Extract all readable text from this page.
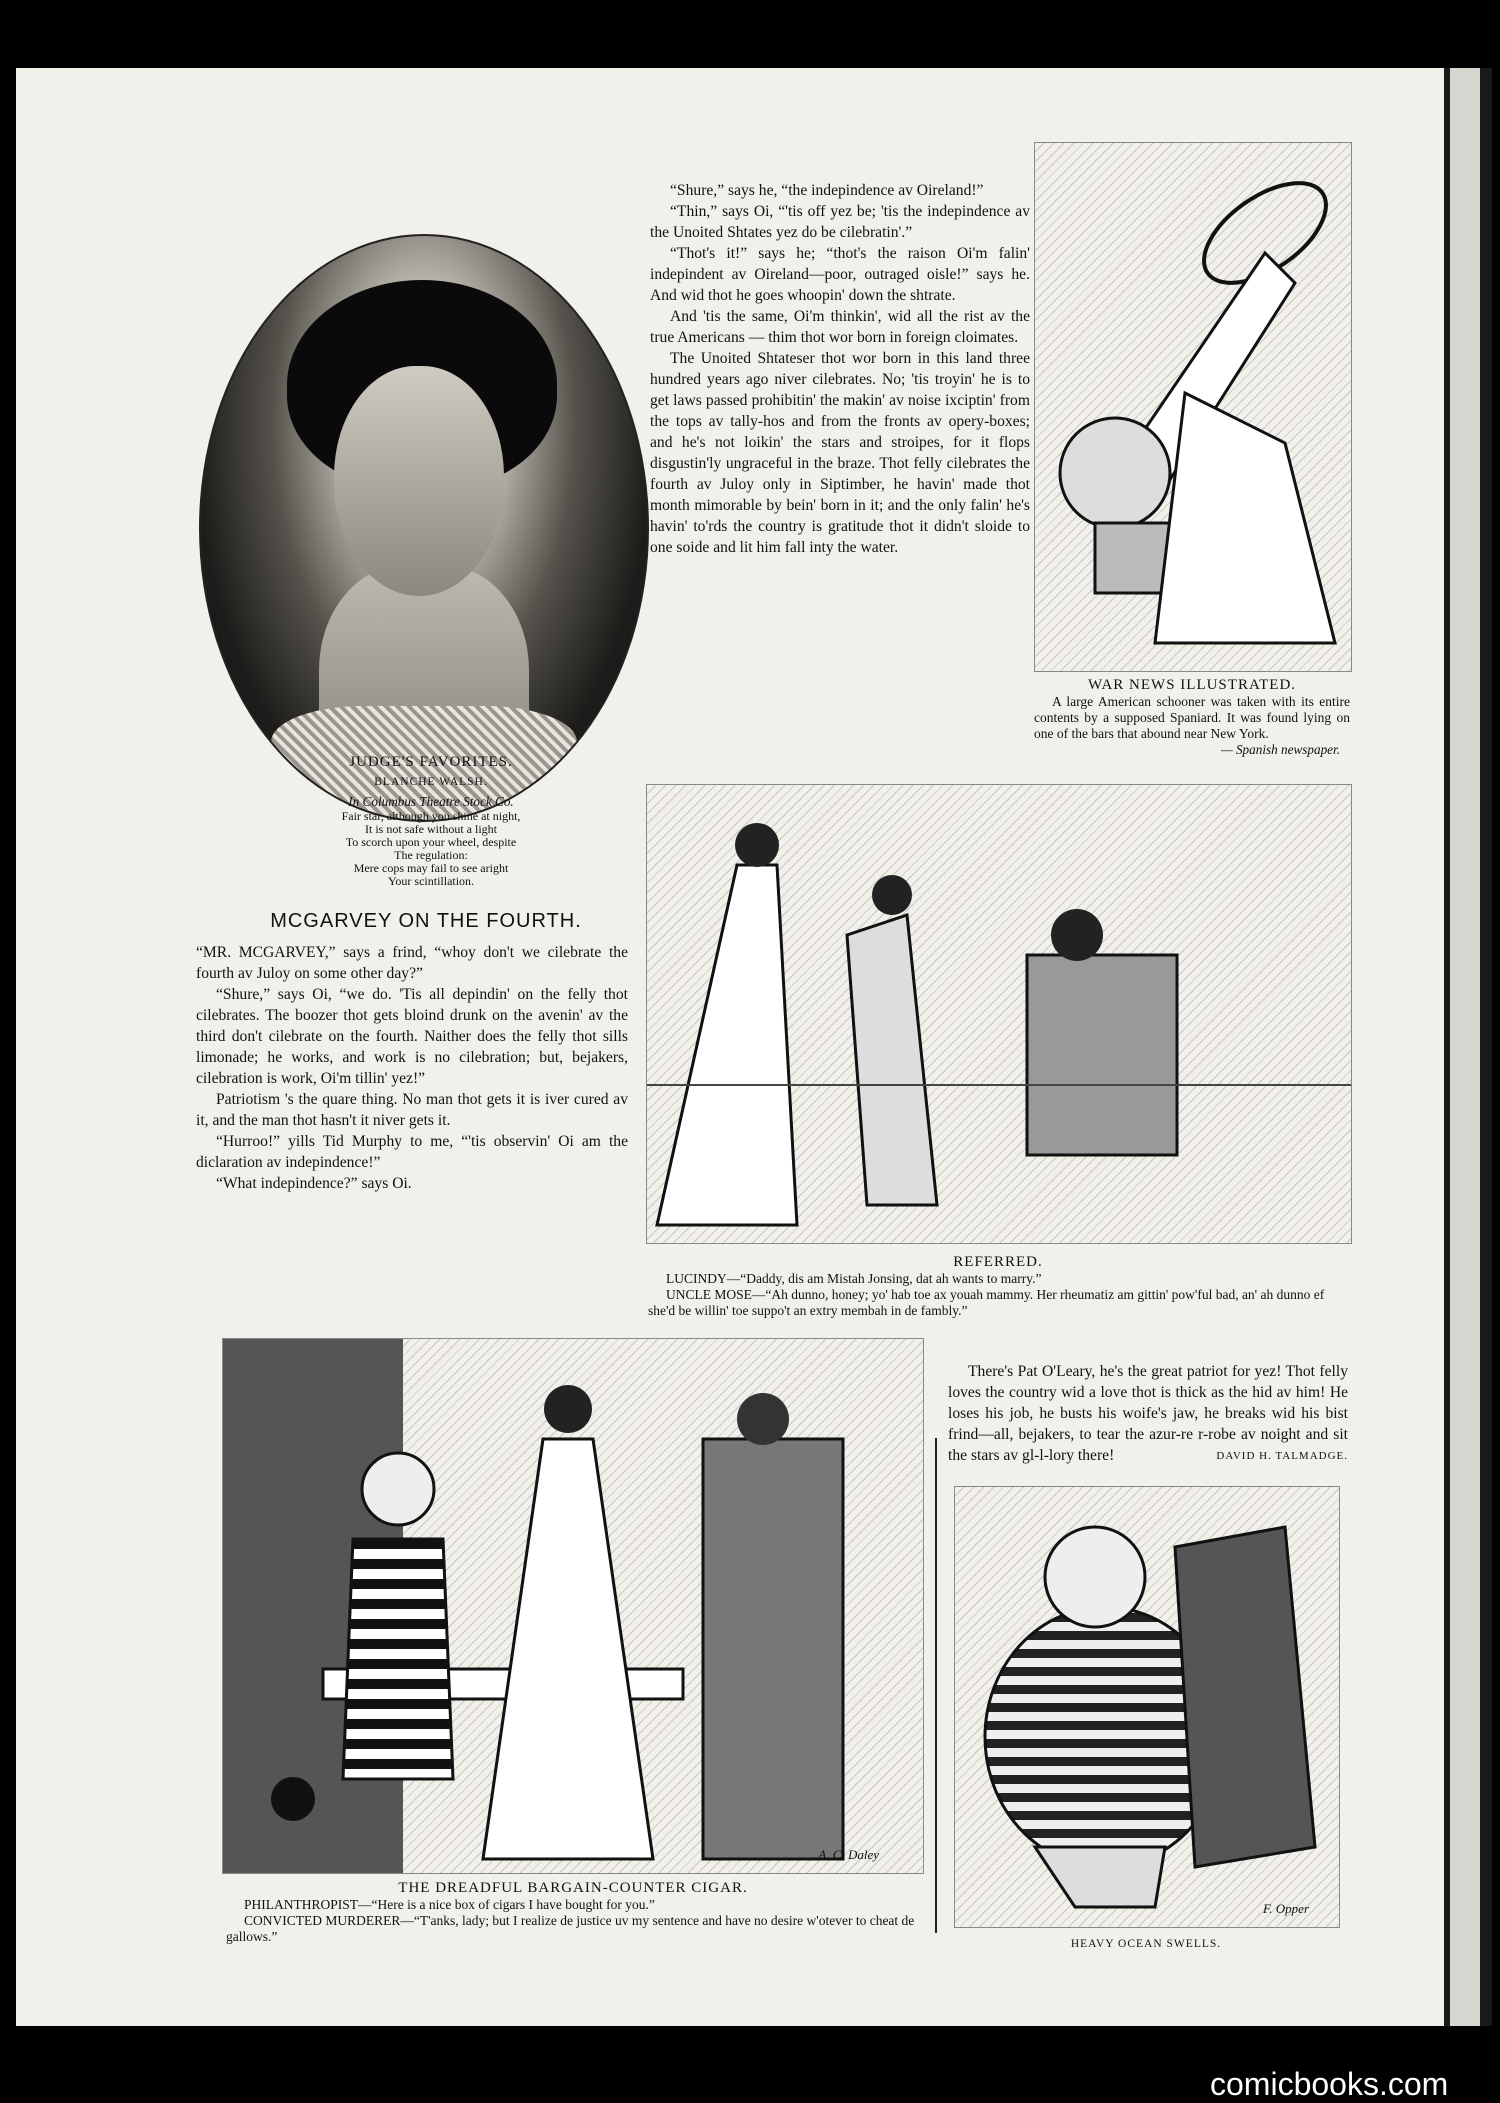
JUDGE'S FAVORITES.
BLANCHE WALSH.
In Columbus Theatre Stock Co.
Fair star, although you shine at night,
It is not safe without a light
To scorch upon your wheel, despite
The regulation:
Mere cops may fail to see aright
Your scintillation.

“Shure,” says he, “the indepindence av Oireland!”

“Thin,” says Oi, “'tis off yez be; 'tis the indepindence av the Unoited Shtates yez do be cilebratin'.”

“Thot's it!” says he; “thot's the raison Oi'm falin' indepindent av Oireland—poor, outraged oisle!” says he. And wid thot he goes whoopin' down the shtrate.

And 'tis the same, Oi'm thinkin', wid all the rist av the true Americans — thim thot wor born in foreign cloimates.

The Unoited Shtateser thot wor born in this land three hundred years ago niver cilebrates. No; 'tis troyin' he is to get laws passed prohibitin' the makin' av noise ixciptin' from the tops av tally-hos and from the fronts av opery-boxes; and he's not loikin' the stars and stroipes, for it flops disgustin'ly ungraceful in the braze. Thot felly cilebrates the fourth av Juloy only in Siptimber, he havin' made thot month mimorable by bein' born in it; and the only falin' he's havin' to'rds the country is gratitude thot it didn't sloide to one soide and lit him fall inty the water.

WAR NEWS ILLUSTRATED.
A large American schooner was taken with its entire contents by a supposed Spaniard. It was found lying on one of the bars that abound near New York.
— Spanish newspaper.
MCGARVEY ON THE FOURTH.

“MR. MCGARVEY,” says a frind, “whoy don't we cilebrate the fourth av Juloy on some other day?”

“Shure,” says Oi, “we do. 'Tis all depindin' on the felly thot cilebrates. The boozer thot gets bloind drunk on the avenin' av the third don't cilebrate on the fourth. Naither does the felly thot sills limonade; he works, and work is no cilebration; but, bejakers, cilebration is work, Oi'm tillin' yez!”

Patriotism 's the quare thing. No man thot gets it is iver cured av it, and the man thot hasn't it niver gets it.

“Hurroo!” yills Tid Murphy to me, “'tis observin' Oi am the diclaration av indepindence!”

“What indepindence?” says Oi.

REFERRED.
LUCINDY—“Daddy, dis am Mistah Jonsing, dat ah wants to marry.”
UNCLE MOSE—“Ah dunno, honey; yo' hab toe ax youah mammy. Her rheumatiz am gittin' pow'ful bad, an' ah dunno ef she'd be willin' toe suppo't an extry membah in de fambly.”
A. C. Daley
THE DREADFUL BARGAIN-COUNTER CIGAR.
PHILANTHROPIST—“Here is a nice box of cigars I have bought for you.”
CONVICTED MURDERER—“T'anks, lady; but I realize de justice uv my sentence and have no desire w'otever to cheat de gallows.”

There's Pat O'Leary, he's the great patriot for yez! Thot felly loves the country wid a love thot is thick as the hid av him! He loses his job, he busts his woife's jaw, he breaks wid his bist frind—all, bejakers, to tear the azur-re r-robe av noight and sit the stars av gl-l-lory there!	DAVID H. TALMADGE.
F. Opper
HEAVY OCEAN SWELLS.
comicbooks.com
